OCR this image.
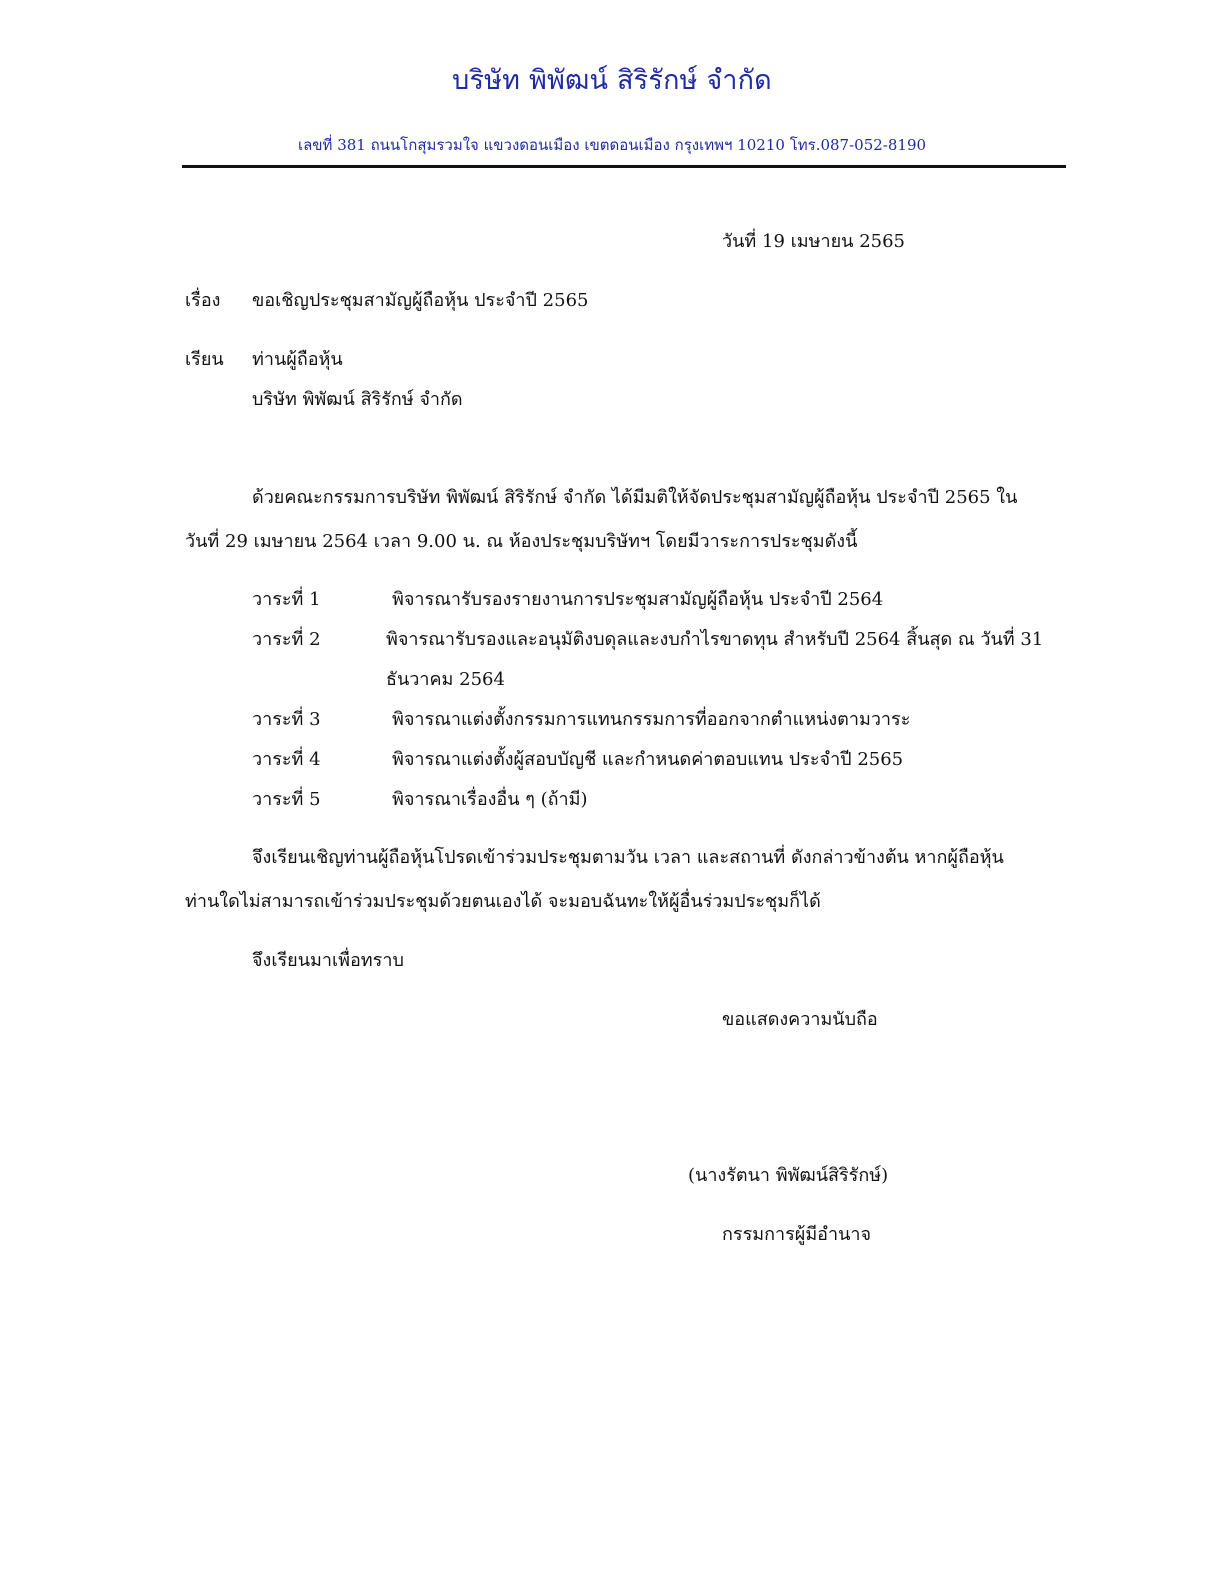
บริษัท พิพัฒน์ สิริรักษ์ จำกัด
เลขที่ 381 ถนนโกสุมรวมใจ แขวงดอนเมือง เขตดอนเมือง กรุงเทพฯ 10210 โทร.087-052-8190
วันที่ 19 เมษายน 2565
เรื่อง ขอเชิญประชุมสามัญผู้ถือหุ้น ประจำปี 2565
เรียน ท่านผู้ถือหุ้น
บริษัท พิพัฒน์ สิริรักษ์ จำกัด
ด้วยคณะกรรมการบริษัท พิพัฒน์ สิริรักษ์ จำกัด ได้มีมติให้จัดประชุมสามัญผู้ถือหุ้น ประจำปี 2565 ใน
วันที่ 29 เมษายน 2564 เวลา 9.00 น. ณ ห้องประชุมบริษัทฯ โดยมีวาระการประชุมดังนี้
วาระที่ 1	พิจารณารับรองรายงานการประชุมสามัญผู้ถือหุ้น ประจำปี 2564
วาระที่ 2	พิจารณารับรองและอนุมัติงบดุลและงบกำไรขาดทุน สำหรับปี 2564 สิ้นสุด ณ วันที่ 31
ธันวาคม 2564
วาระที่ 3	พิจารณาแต่งตั้งกรรมการแทนกรรมการที่ออกจากตำแหน่งตามวาระ
วาระที่ 4	พิจารณาแต่งตั้งผู้สอบบัญชี และกำหนดค่าตอบแทน ประจำปี 2565
วาระที่ 5	พิจารณาเรื่องอื่น ๆ (ถ้ามี)
จึงเรียนเชิญท่านผู้ถือหุ้นโปรดเข้าร่วมประชุมตามวัน เวลา และสถานที่ ดังกล่าวข้างต้น หากผู้ถือหุ้น
ท่านใดไม่สามารถเข้าร่วมประชุมด้วยตนเองได้ จะมอบฉันทะให้ผู้อื่นร่วมประชุมก็ได้
จึงเรียนมาเพื่อทราบ
ขอแสดงความนับถือ
(นางรัตนา พิพัฒน์สิริรักษ์)
กรรมการผู้มีอำนาจ
